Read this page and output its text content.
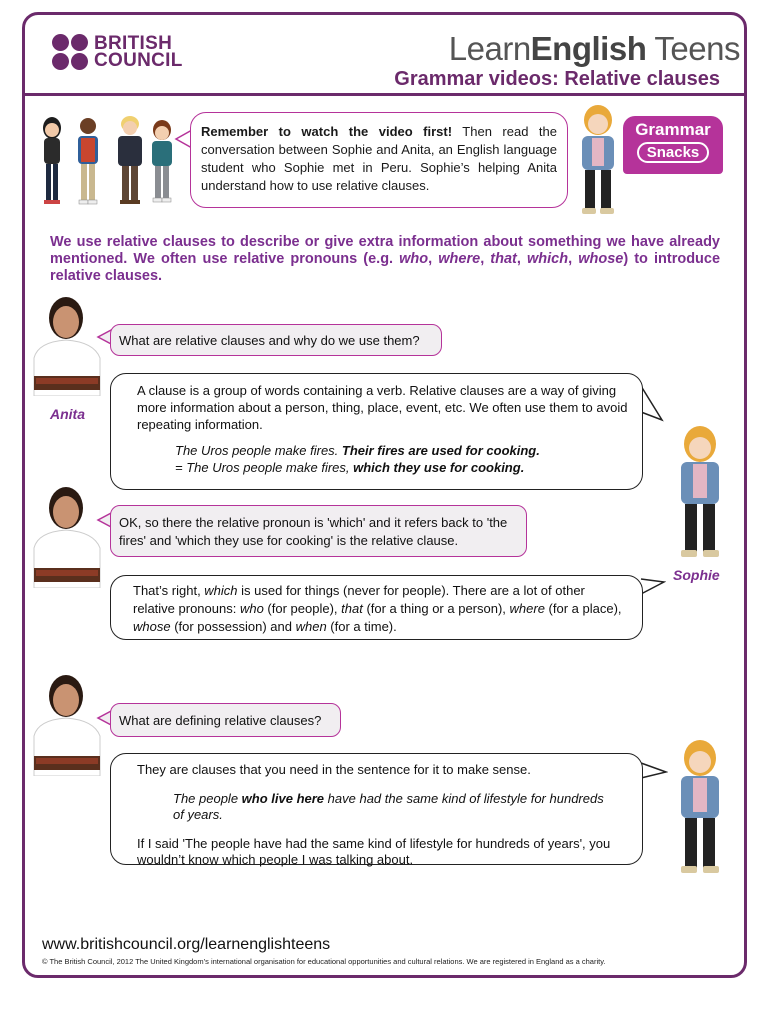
BRITISH
COUNCIL	LearnEnglish Teens
Grammar videos: Relative clauses
Remember to watch the video first! Then read the conversation between Sophie and Anita, an English language student who Sophie met in Peru. Sophie’s helping Anita understand how to use relative clauses.
Grammar
Snacks
We use relative clauses to describe or give extra information about something we have already mentioned. We often use relative pronouns (e.g. who, where, that, which, whose) to introduce relative clauses.
Anita
What are relative clauses and why do we use them?
A clause is a group of words containing a verb. Relative clauses are a way of giving more information about a person, thing, place, event, etc. We often use them to avoid repeating information.
The Uros people make fires. Their fires are used for cooking.
= The Uros people make fires, which they use for cooking.
Sophie
OK, so there the relative pronoun is 'which' and it refers back to 'the fires' and 'which they use for cooking' is the relative clause.
That’s right, which is used for things (never for people). There are a lot of other relative pronouns: who (for people), that (for a thing or a person), where (for a place), whose (for possession) and when (for a time).
What are defining relative clauses?
They are clauses that you need in the sentence for it to make sense.
The people who live here have had the same kind of lifestyle for hundreds of years.
If I said 'The people have had the same kind of lifestyle for hundreds of years', you wouldn’t know which people I was talking about.
www.britishcouncil.org/learnenglishteens
© The British Council, 2012 The United Kingdom’s international organisation for educational opportunities and cultural relations. We are registered in England as a charity.
